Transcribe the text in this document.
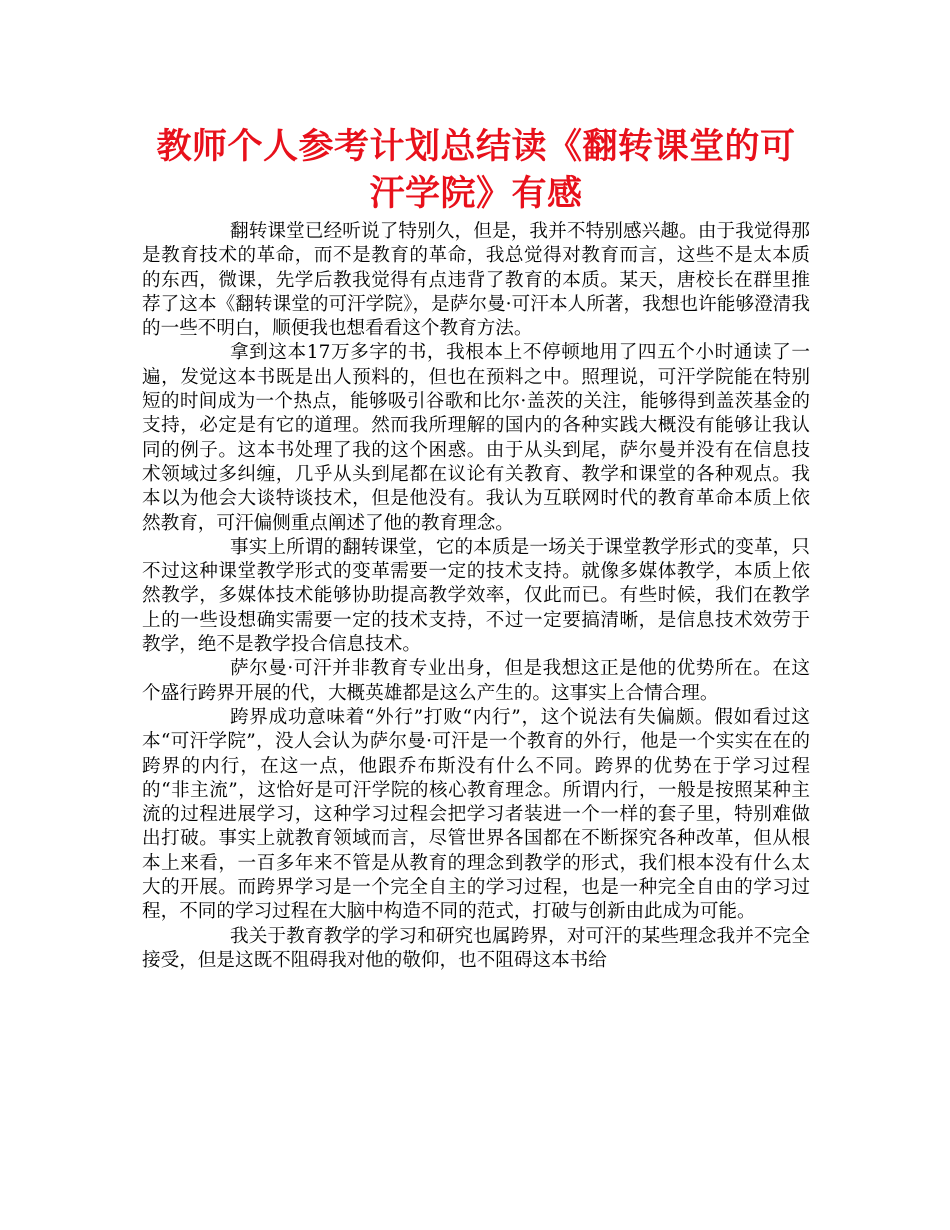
教师个人参考计划总结读《翻转课堂的可汗学院》有感

翻转课堂已经听说了特别久，但是，我并不特别感兴趣。由于我觉得那是教育技术的革命，而不是教育的革命，我总觉得对教育而言，这些不是太本质的东西，微课，先学后教我觉得有点违背了教育的本质。某天，唐校长在群里推荐了这本《翻转课堂的可汗学院》，是萨尔曼·可汗本人所著，我想也许能够澄清我的一些不明白，顺便我也想看看这个教育方法。

拿到这本17万多字的书，我根本上不停顿地用了四五个小时通读了一遍，发觉这本书既是出人预料的，但也在预料之中。照理说，可汗学院能在特别短的时间成为一个热点，能够吸引谷歌和比尔·盖茨的关注，能够得到盖茨基金的支持，必定是有它的道理。然而我所理解的国内的各种实践大概没有能够让我认同的例子。这本书处理了我的这个困惑。由于从头到尾，萨尔曼并没有在信息技术领域过多纠缠，几乎从头到尾都在议论有关教育、教学和课堂的各种观点。我本以为他会大谈特谈技术，但是他没有。我认为互联网时代的教育革命本质上依然教育，可汗偏侧重点阐述了他的教育理念。

事实上所谓的翻转课堂，它的本质是一场关于课堂教学形式的变革，只不过这种课堂教学形式的变革需要一定的技术支持。就像多媒体教学，本质上依然教学，多媒体技术能够协助提高教学效率，仅此而已。有些时候，我们在教学上的一些设想确实需要一定的技术支持，不过一定要搞清晰，是信息技术效劳于教学，绝不是教学投合信息技术。

萨尔曼·可汗并非教育专业出身，但是我想这正是他的优势所在。在这个盛行跨界开展的代，大概英雄都是这么产生的。这事实上合情合理。

跨界成功意味着“外行”打败“内行”，这个说法有失偏颇。假如看过这本“可汗学院”，没人会认为萨尔曼·可汗是一个教育的外行，他是一个实实在在的跨界的内行，在这一点，他跟乔布斯没有什么不同。跨界的优势在于学习过程的“非主流”，这恰好是可汗学院的核心教育理念。所谓内行，一般是按照某种主流的过程进展学习，这种学习过程会把学习者装进一个一样的套子里，特别难做出打破。事实上就教育领域而言，尽管世界各国都在不断探究各种改革，但从根本上来看，一百多年来不管是从教育的理念到教学的形式，我们根本没有什么太大的开展。而跨界学习是一个完全自主的学习过程，也是一种完全自由的学习过程，不同的学习过程在大脑中构造不同的范式，打破与创新由此成为可能。

我关于教育教学的学习和研究也属跨界，对可汗的某些理念我并不完全接受，但是这既不阻碍我对他的敬仰，也不阻碍这本书给
